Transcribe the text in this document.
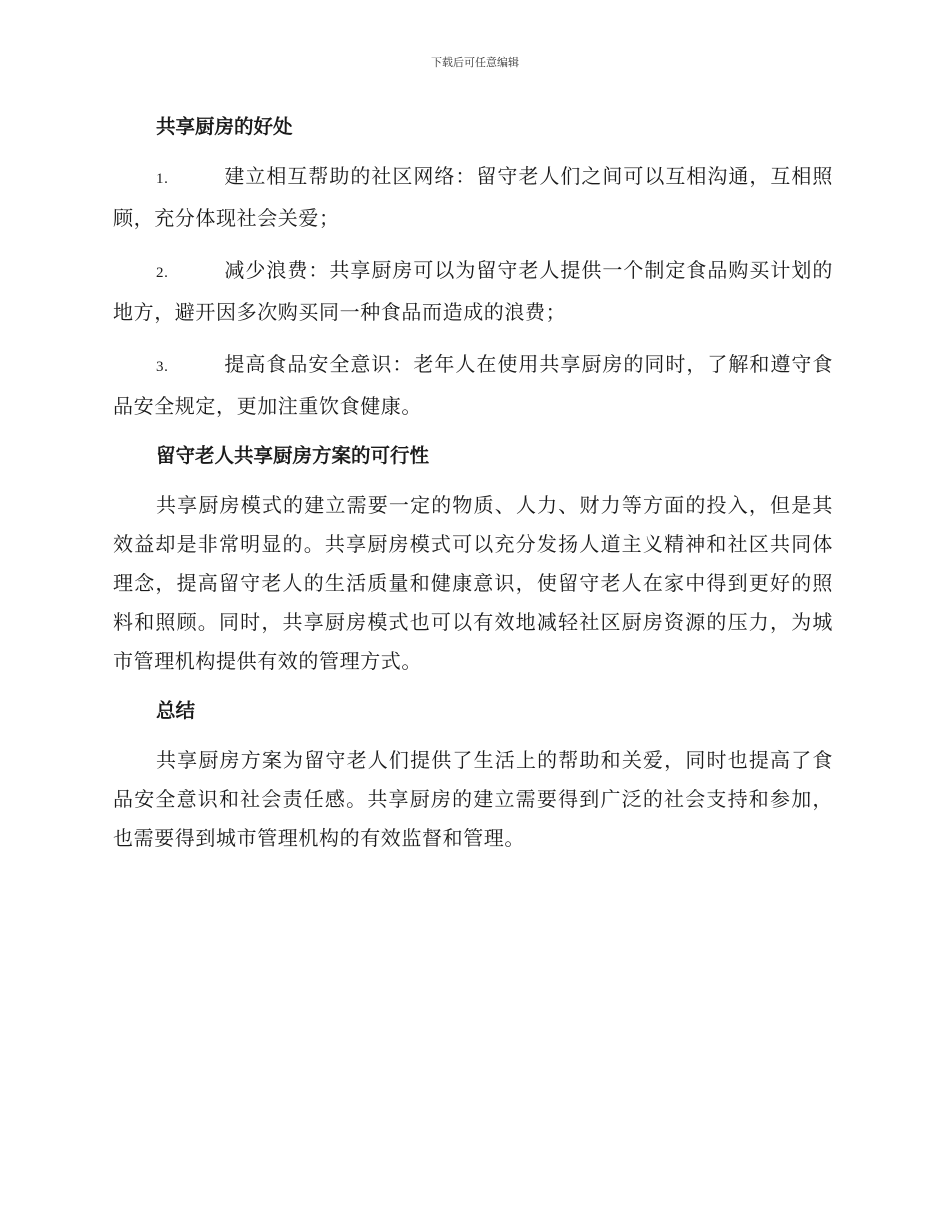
下载后可任意编辑
共享厨房的好处

1.	建立相互帮助的社区网络：留守老人们之间可以互相沟通，互相照顾，充分体现社会关爱；

2.	减少浪费：共享厨房可以为留守老人提供一个制定食品购买计划的地方，避开因多次购买同一种食品而造成的浪费；

3.	提高食品安全意识：老年人在使用共享厨房的同时，了解和遵守食品安全规定，更加注重饮食健康。

留守老人共享厨房方案的可行性

共享厨房模式的建立需要一定的物质、人力、财力等方面的投入，但是其效益却是非常明显的。共享厨房模式可以充分发扬人道主义精神和社区共同体理念，提高留守老人的生活质量和健康意识，使留守老人在家中得到更好的照料和照顾。同时，共享厨房模式也可以有效地减轻社区厨房资源的压力，为城市管理机构提供有效的管理方式。

总结

共享厨房方案为留守老人们提供了生活上的帮助和关爱，同时也提高了食品安全意识和社会责任感。共享厨房的建立需要得到广泛的社会支持和参加，也需要得到城市管理机构的有效监督和管理。
